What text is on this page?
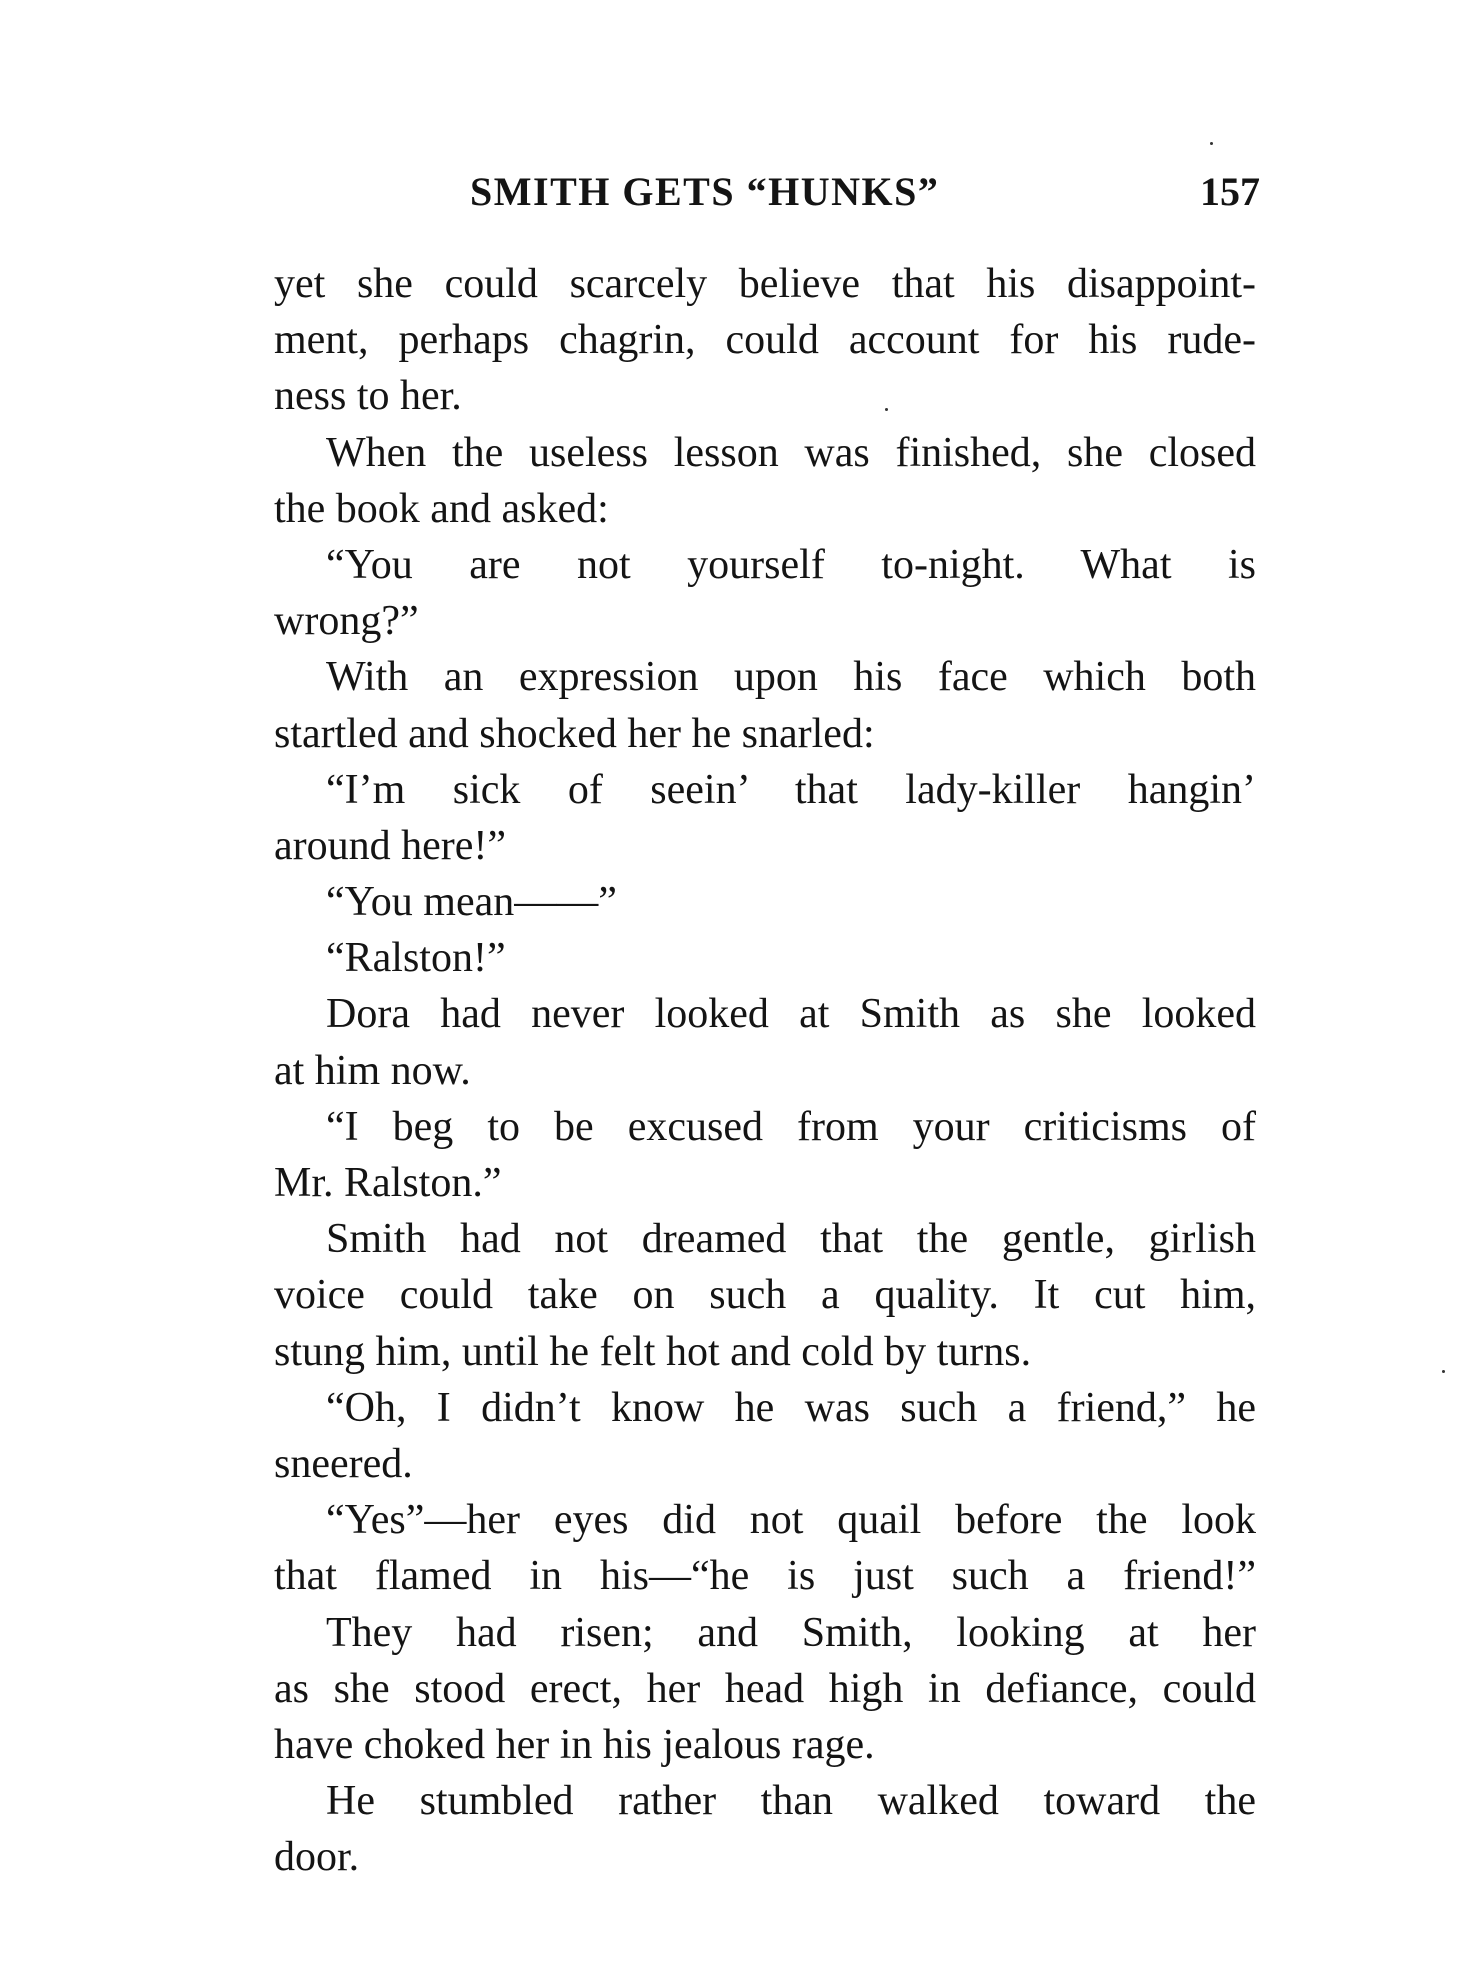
SMITH GETS “HUNKS”	157
yet she could scarcely believe that his disappoint-
ment, perhaps chagrin, could account for his rude-
ness to her.
When the useless lesson was finished, she closed
the book and asked:
“You are not yourself to-night. What is
wrong?”
With an expression upon his face which both
startled and shocked her he snarled:
“I’m sick of seein’ that lady-killer hangin’
around here!”
“You mean——”
“Ralston!”
Dora had never looked at Smith as she looked
at him now.
“I beg to be excused from your criticisms of
Mr. Ralston.”
Smith had not dreamed that the gentle, girlish
voice could take on such a quality. It cut him,
stung him, until he felt hot and cold by turns.
“Oh, I didn’t know he was such a friend,” he
sneered.
“Yes”—her eyes did not quail before the look
that flamed in his—“he is just such a friend!”
They had risen; and Smith, looking at her
as she stood erect, her head high in defiance, could
have choked her in his jealous rage.
He stumbled rather than walked toward the
door.
